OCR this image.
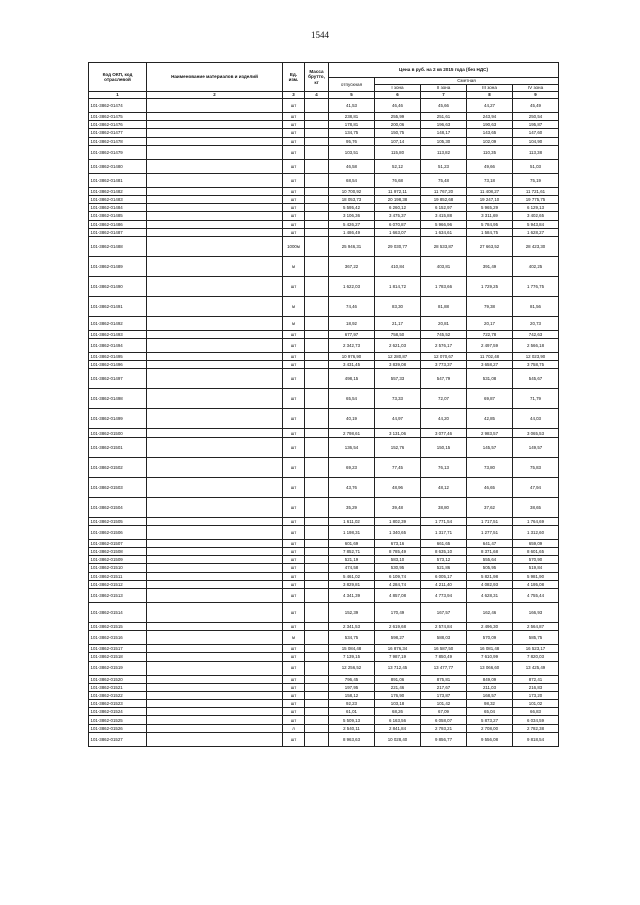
1544
Код ОКП, код отраслевой	Наименование материалов и изделий	Ед. изм.	Масса брутто, кг	Цена в руб. на 2 кв 2015 года (без НДС)				
				отпускная	Сметная			
					I зона	II зона	III зона	IV зона
1	2	3	4	5	6	7	8	9
101-3862-01474		шт		41,53	46,46	45,66	44,27	45,49
101-3862-01475		шт		238,81	255,99	251,61	243,94	250,54
101-3862-01476		шт		178,81	200,06	196,63	190,63	195,87
101-3862-01477		шт		134,75	150,75	148,17	143,65	147,60
101-3862-01478		шт		95,76	107,14	105,30	102,09	104,90
101-3862-01479		шт		103,51	115,80	113,82	110,35	113,38
101-3862-01480		шт		46,58	52,12	51,23	49,66	51,03
101-3862-01481		шт		68,54	76,68	75,48	73,18	75,19
101-3862-01482		шт		10 700,92	11 972,11	11 767,20	11 408,27	11 721,61
101-3862-01483		шт		18 053,73	20 198,38	19 852,68	19 247,10	19 775,75
101-3862-01484		шт		5 595,42	6 260,12	6 152,97	5 965,29	6 129,13
101-3862-01485		шт		3 106,36	3 475,37	3 415,88	3 311,69	3 402,65
101-3862-01486		шт		5 426,27	6 070,87	5 966,96	5 784,95	5 943,84
101-3862-01487		шт		1 486,49	1 663,07	1 634,61	1 584,75	1 628,27
101-3862-01488		1000м		25 946,31	29 030,77	28 533,87	27 663,52	28 423,30
101-3862-01489		м		367,22	410,84	403,81	391,49	402,25
101-3862-01490		шт		1 622,03	1 814,72	1 783,66	1 729,25	1 776,75
101-3862-01491		м		74,46	83,30	81,88	79,38	81,56
101-3862-01492		м		18,92	21,17	20,81	20,17	20,73
101-3862-01493		шт		677,97	758,50	745,52	722,78	742,63
101-3862-01494		шт		2 342,73	2 621,03	2 576,17	2 497,59	2 566,18
101-3862-01495		шт		10 976,90	12 280,87	12 070,67	11 702,48	12 023,90
101-3862-01496		шт		3 431,45	3 839,08	3 773,37	3 658,27	3 758,75
101-3862-01497		шт		498,15	557,33	547,79	531,08	545,67
101-3862-01498		шт		65,54	73,33	72,07	69,87	71,79
101-3862-01499		шт		40,19	44,97	44,20	42,85	44,03
101-3862-01500		шт		2 798,61	3 131,06	3 077,46	2 983,57	3 065,53
101-3862-01501		шт		136,54	152,76	150,15	145,57	149,57
101-3862-01502		шт		69,23	77,45	76,13	73,80	75,83
101-3862-01503		шт		43,76	48,96	48,12	46,65	47,94
101-3862-01504		шт		35,29	39,48	38,80	37,62	38,65
101-3862-01505		шт		1 611,02	1 802,39	1 771,54	1 717,51	1 764,69
101-3862-01506		шт		1 198,31	1 340,65	1 317,71	1 277,51	1 312,60
101-3862-01507		шт		601,69	673,16	661,65	641,47	659,09
101-3862-01508		шт		7 852,71	8 785,49	8 635,10	8 371,68	8 601,65
101-3862-01509		шт		521,19	583,10	573,12	555,64	570,90
101-3862-01510		шт		474,58	530,95	521,86	505,95	519,84
101-3862-01511		шт		5 461,02	6 109,74	6 005,17	5 821,98	5 981,90
101-3862-01512		шт		3 829,81	4 284,74	4 211,40	4 082,93	4 195,08
101-3862-01513		шт		4 341,39	4 857,08	4 773,94	4 628,31	4 755,44
101-3862-01514		шт		152,39	170,49	167,57	162,46	166,93
101-3862-01515		шт		2 341,53	2 619,68	2 574,84	2 496,30	2 564,87
101-3862-01516		м		534,75	598,27	588,03	570,09	585,75
101-3862-01517		шт		15 084,48	16 876,34	16 587,50	16 081,48	16 523,17
101-3862-01518		шт		7 139,15	7 987,19	7 850,49	7 610,99	7 820,03
101-3862-01519		шт		12 256,52	13 712,45	13 477,77	13 066,60	13 425,49
101-3862-01520		шт		796,45	891,06	875,81	849,09	872,41
101-3862-01521		шт		197,95	221,46	217,67	211,03	216,83
101-3862-01522		шт		158,12	176,90	173,87	168,57	173,20
101-3862-01523		шт		92,23	103,18	101,42	98,32	101,02
101-3862-01524		шт		61,01	68,26	67,09	65,04	66,83
101-3862-01525		шт		5 509,13	6 163,56	6 058,07	5 873,27	6 034,59
101-3862-01526		л		2 540,11	2 841,84	2 793,21	2 708,00	2 782,38
101-3862-01527		шт		8 963,63	10 028,40	9 856,77	9 556,08	9 818,54
